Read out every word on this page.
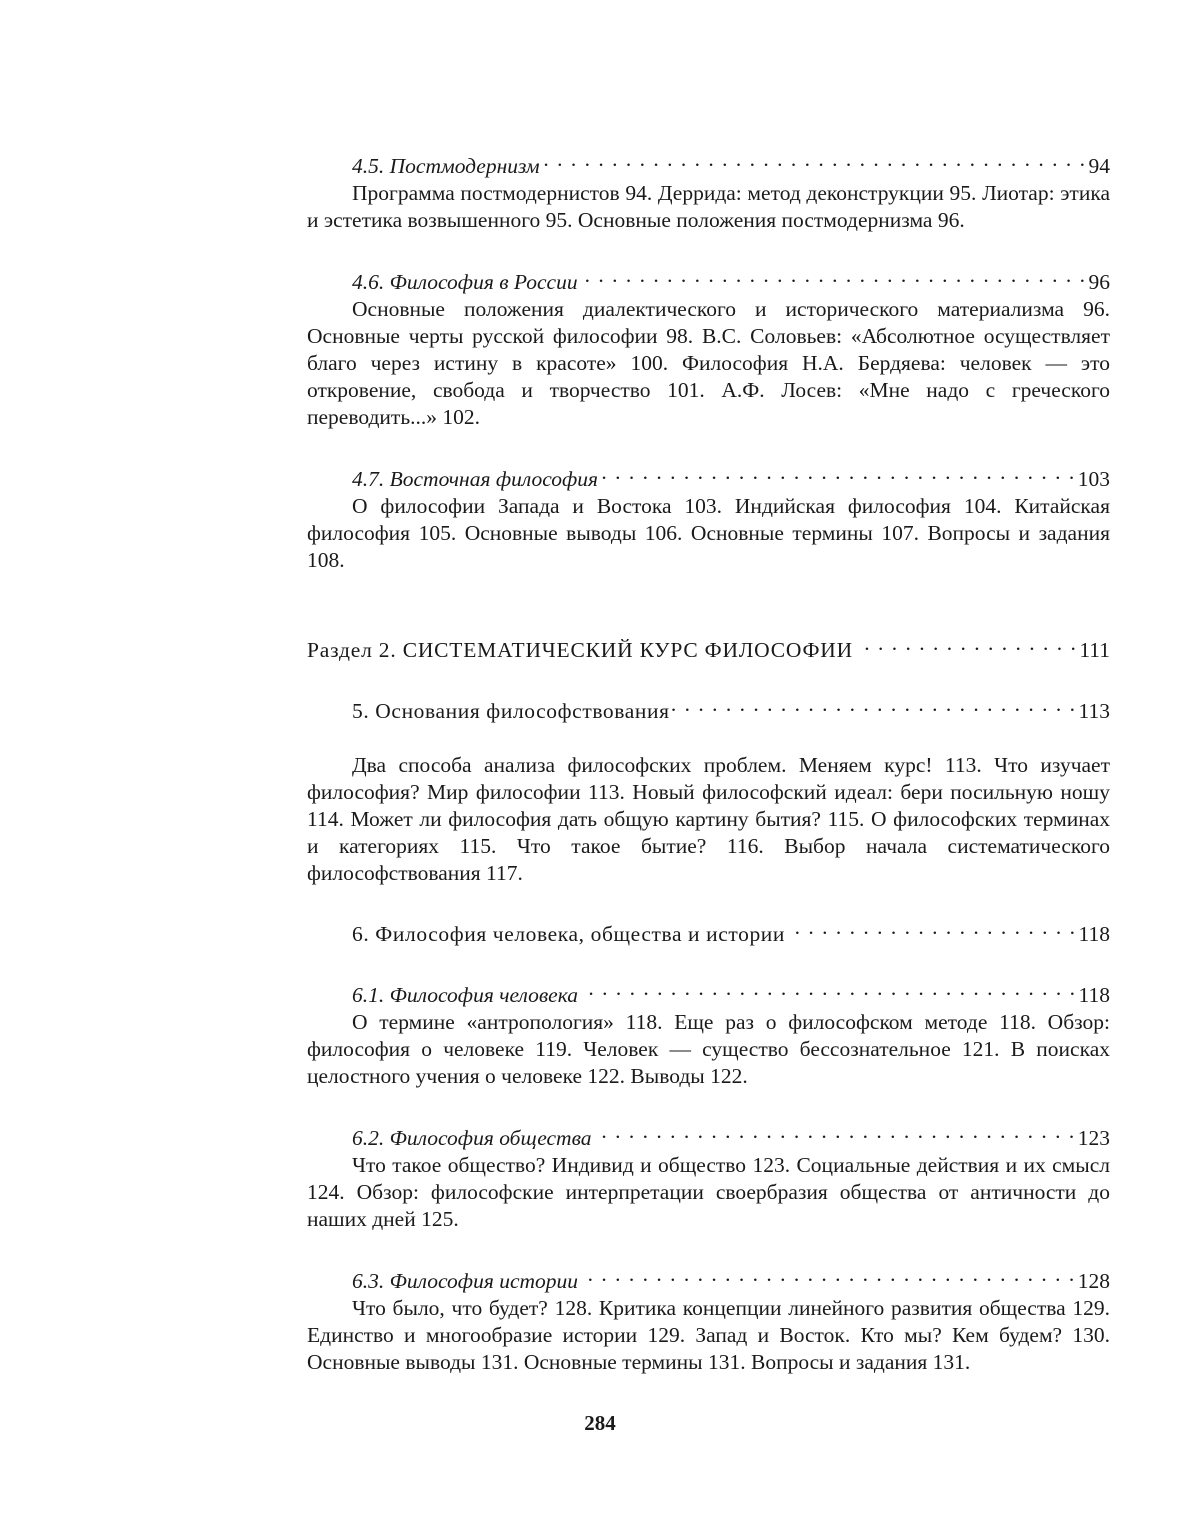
4.5. Постмодернизм . . .	94

Программа постмодернистов 94. Деррида: метод деконструкции 95. Лиотар: этика и эстетика возвышенного 95. Основные положения постмодернизма 96.

4.6. Философия в России . . .	96

Основные положения диалектического и исторического материализма 96. Основные черты русской философии 98. В.С. Соловьев: «Абсолютное осуществляет благо через истину в красоте» 100. Философия Н.А. Бердяева: человек — это откровение, свобода и творчество 101. А.Ф. Лосев: «Мне надо с греческого переводить...» 102.

4.7. Восточная философия . . .	103

О философии Запада и Востока 103. Индийская философия 104. Китайская философия 105. Основные выводы 106. Основные термины 107. Вопросы и задания 108.

Раздел 2. СИСТЕМАТИЧЕСКИЙ КУРС ФИЛОСОФИИ . . .	111
5. Основания философствования . . .	113

Два способа анализа философских проблем. Меняем курс! 113. Что изучает философия? Мир философии 113. Новый философский идеал: бери посильную ношу 114. Может ли философия дать общую картину бытия? 115. О философских терминах и категориях 115. Что такое бытие? 116. Выбор начала систематического философствования 117.

6. Философия человека, общества и истории . . .	118
6.1. Философия человека . . .	118

О термине «антропология» 118. Еще раз о философском методе 118. Обзор: философия о человеке 119. Человек — существо бессознательное 121. В поисках целостного учения о человеке 122. Выводы 122.

6.2. Философия общества . . .	123

Что такое общество? Индивид и общество 123. Социальные действия и их смысл 124. Обзор: философские интерпретации своербразия общества от античности до наших дней 125.

6.3. Философия истории . . .	128

Что было, что будет? 128. Критика концепции линейного развития общества 129. Единство и многообразие истории 129. Запад и Восток. Кто мы? Кем будем? 130. Основные выводы 131. Основные термины 131. Вопросы и задания 131.

284
